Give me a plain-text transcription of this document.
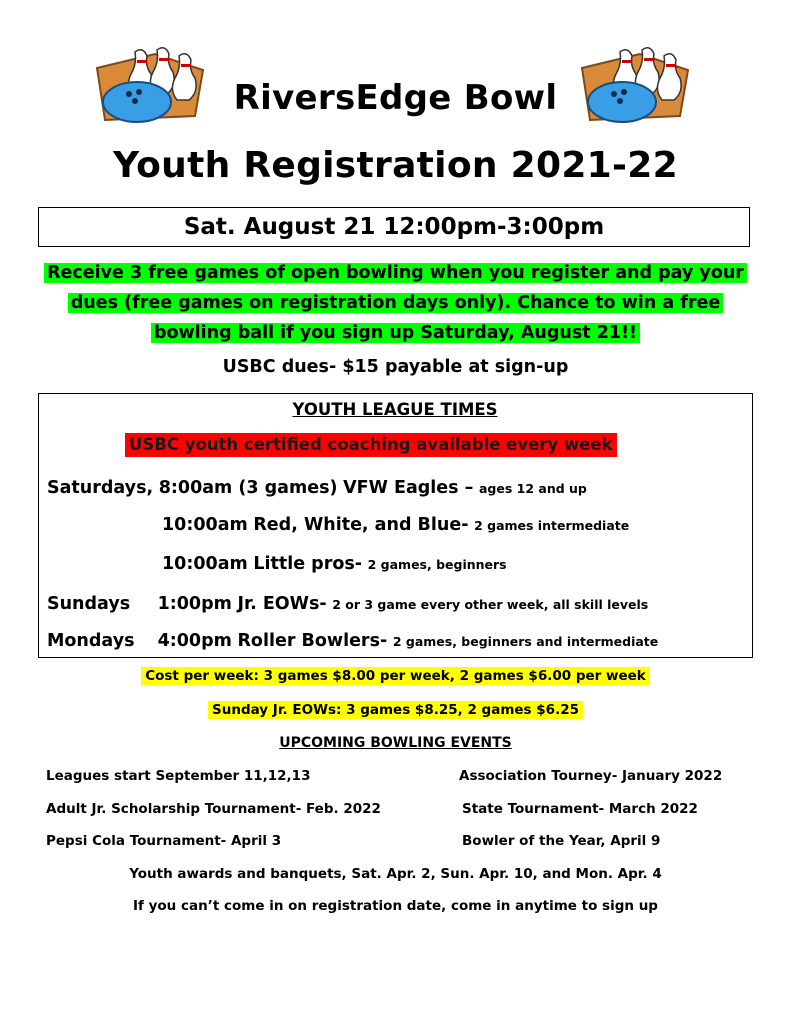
RiversEdge Bowl
Youth Registration 2021-22
Sat. August 21 12:00pm-3:00pm
Receive 3 free games of open bowling when you register and pay your dues (free games on registration days only). Chance to win a free bowling ball if you sign up Saturday, August 21!!
USBC dues- $15 payable at sign-up
YOUTH LEAGUE TIMES
USBC youth certified coaching available every week
Saturdays, 8:00am (3 games) VFW Eagles – ages 12 and up
10:00am Red, White, and Blue- 2 games intermediate
10:00am Little pros- 2 games, beginners
Sundays 1:00pm Jr. EOWs- 2 or 3 game every other week, all skill levels
Mondays 4:00pm Roller Bowlers- 2 games, beginners and intermediate
Cost per week: 3 games $8.00 per week, 2 games $6.00 per week
Sunday Jr. EOWs: 3 games $8.25, 2 games $6.25
UPCOMING BOWLING EVENTS
Leagues start September 11,12,13
Adult Jr. Scholarship Tournament- Feb. 2022
Pepsi Cola Tournament- April 3
Association Tourney- January 2022
State Tournament- March 2022
Bowler of the Year, April 9
Youth awards and banquets, Sat. Apr. 2, Sun. Apr. 10, and Mon. Apr. 4
If you can’t come in on registration date, come in anytime to sign up
